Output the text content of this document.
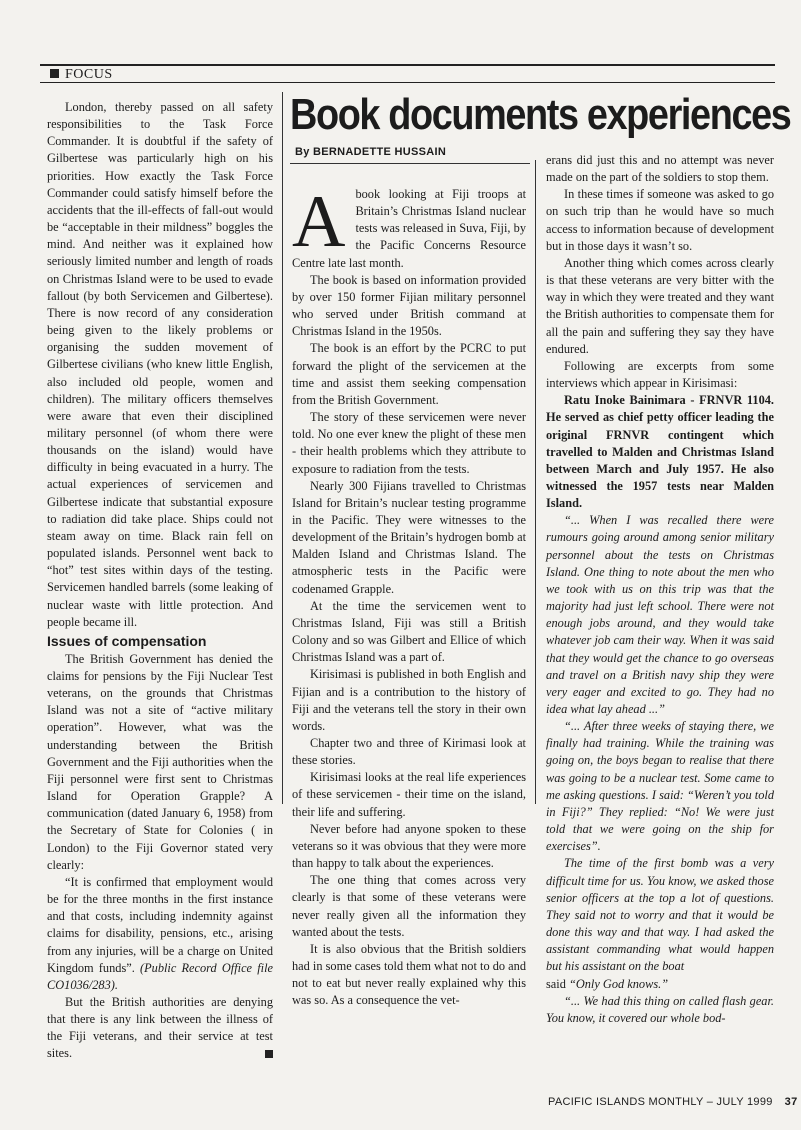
FOCUS

London, thereby passed on all safety responsibilities to the Task Force Commander. It is doubtful if the safety of Gilbertese was particularly high on his priorities. How exactly the Task Force Commander could satisfy himself before the accidents that the ill-effects of fall-out would be “acceptable in their mildness” boggles the mind. And neither was it explained how seriously limited number and length of roads on Christmas Island were to be used to evade fallout (by both Servicemen and Gilbertese). There is now record of any consideration being given to the likely problems or organising the sudden movement of Gilbertese civilians (who knew little English, also included old people, women and children). The military officers themselves were aware that even their disciplined military personnel (of whom there were thousands on the island) would have difficulty in being evacuated in a hurry. The actual experiences of servicemen and Gilbertese indicate that substantial exposure to radiation did take place. Ships could not steam away on time. Black rain fell on populated islands. Personnel went back to “hot” test sites within days of the testing. Servicemen handled barrels (some leaking of nuclear waste with little protection. And people became ill.

Issues of compensation

The British Government has denied the claims for pensions by the Fiji Nuclear Test veterans, on the grounds that Christmas Island was not a site of “active military operation”. However, what was the understanding between the British Government and the Fiji authorities when the Fiji personnel were first sent to Christmas Island for Operation Grapple? A communication (dated January 6, 1958) from the Secretary of State for Colonies ( in London) to the Fiji Governor stated very clearly:

“It is confirmed that employment would be for the three months in the first instance and that costs, including indemnity against claims for disability, pensions, etc., arising from any injuries, will be a charge on United Kingdom funds”. (Public Record Office file CO1036/283).

But the British authorities are denying that there is any link between the illness of the Fiji veterans, and their service at test sites.

Book documents experiences
By BERNADETTE HUSSAIN

Abook looking at Fiji troops at Britain’s Christmas Island nuclear tests was released in Suva, Fiji, by the Pacific Concerns Resource Centre late last month.

The book is based on information provided by over 150 former Fijian military personnel who served under British command at Christmas Island in the 1950s.

The book is an effort by the PCRC to put forward the plight of the servicemen at the time and assist them seeking compensation from the British Government.

The story of these servicemen were never told. No one ever knew the plight of these men - their health problems which they attribute to exposure to radiation from the tests.

Nearly 300 Fijians travelled to Christmas Island for Britain’s nuclear testing programme in the Pacific. They were witnesses to the development of the Britain’s hydrogen bomb at Malden Island and Christmas Island. The atmospheric tests in the Pacific were codenamed Grapple.

At the time the servicemen went to Christmas Island, Fiji was still a British Colony and so was Gilbert and Ellice of which Christmas Island was a part of.

Kirisimasi is published in both English and Fijian and is a contribution to the history of Fiji and the veterans tell the story in their own words.

Chapter two and three of Kirimasi look at these stories.

Kirisimasi looks at the real life experiences of these servicemen - their time on the island, their life and suffering.

Never before had anyone spoken to these veterans so it was obvious that they were more than happy to talk about the experiences.

The one thing that comes across very clearly is that some of these veterans were never really given all the information they wanted about the tests.

It is also obvious that the British soldiers had in some cases told them what not to do and not to eat but never really explained why this was so. As a consequence the vet-

erans did just this and no attempt was never made on the part of the soldiers to stop them.

In these times if someone was asked to go on such trip than he would have so much access to information because of development but in those days it wasn’t so.

Another thing which comes across clearly is that these veterans are very bitter with the way in which they were treated and they want the British authorities to compensate them for all the pain and suffering they say they have endured.

Following are excerpts from some interviews which appear in Kirisimasi:

Ratu Inoke Bainimara - FRNVR 1104. He served as chief petty officer leading the original FRNVR contingent which travelled to Malden and Christmas Island between March and July 1957. He also witnessed the 1957 tests near Malden Island.

“... When I was recalled there were rumours going around among senior military personnel about the tests on Christmas Island. One thing to note about the men who we took with us on this trip was that the majority had just left school. There were not enough jobs around, and they would take whatever job cam their way. When it was said that they would get the chance to go overseas and travel on a British navy ship they were very eager and excited to go. They had no idea what lay ahead ...”

“... After three weeks of staying there, we finally had training. While the training was going on, the boys began to realise that there was going to be a nuclear test. Some came to me asking questions. I said: “Weren’t you told in Fiji?” They replied: “No! We were just told that we were going on the ship for exercises”.

The time of the first bomb was a very difficult time for us. You know, we asked those senior officers at the top a lot of questions. They said not to worry and that it would be done this way and that way. I had asked the assistant commanding what would happen but his assistant on the boat

said “Only God knows.”

“... We had this thing on called flash gear. You know, it covered our whole bod-

PACIFIC ISLANDS MONTHLY – JULY 1999 37
